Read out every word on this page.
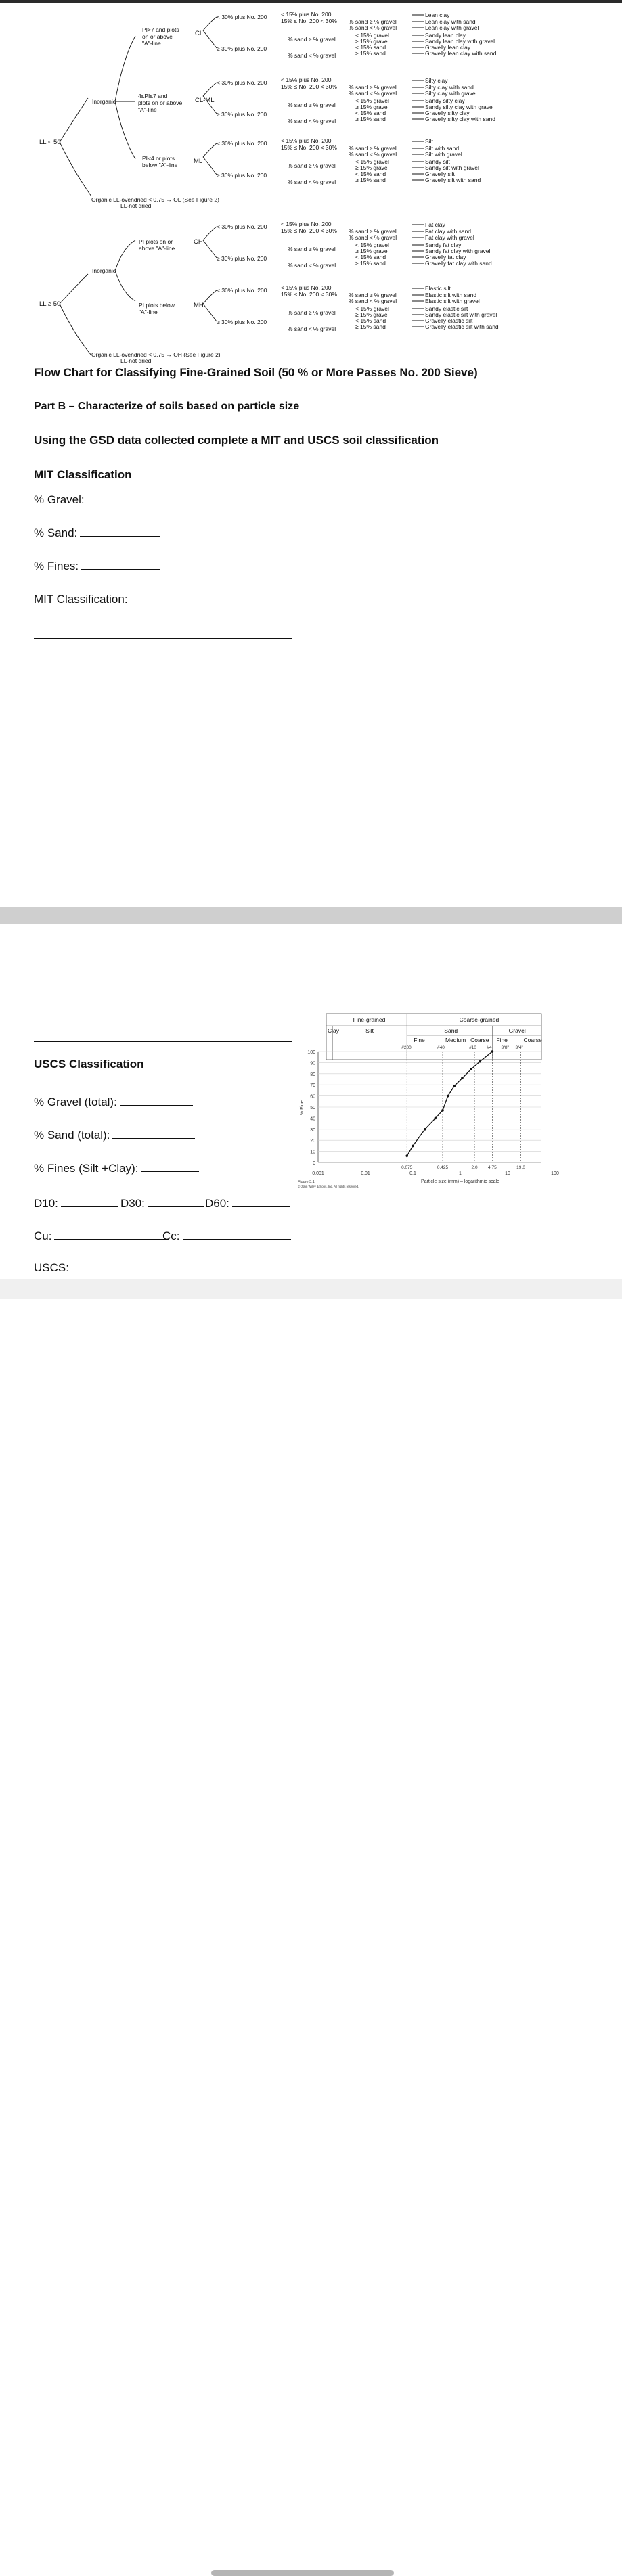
LL < 50
LL ≥ 50
Inorganic
Inorganic
PI>7 and plots
on or above
"A"-line
CL
4≤PI≤7 and
plots on or above
"A"-line
CL-ML
PI<4 or plots
below "A"-line ML
PI plots on or
above "A"-line
CH
PI plots below
"A"-line
MH
Organic LL-ovendried < 0.75 → OL (See Figure 2)
LL-not dried
Organic LL-ovendried < 0.75 → OH (See Figure 2)
LL-not dried
< 30% plus No. 200
≥ 30% plus No. 200
< 15% plus No. 200
15% ≤ No. 200 < 30%
% sand ≥ % gravel
% sand < % gravel
% sand ≥ % gravel
% sand < % gravel
< 15% gravel
≥ 15% gravel
< 15% sand
≥ 15% sand
Lean clay
Lean clay with sand
Lean clay with gravel
Sandy lean clay
Sandy lean clay with gravel
Gravelly lean clay
Gravelly lean clay with sand
< 30% plus No. 200
≥ 30% plus No. 200
< 15% plus No. 200
15% ≤ No. 200 < 30%
% sand ≥ % gravel
% sand < % gravel
% sand ≥ % gravel
% sand < % gravel
< 15% gravel
≥ 15% gravel
< 15% sand
≥ 15% sand
Silty clay
Silty clay with sand
Silty clay with gravel
Sandy silty clay
Sandy silty clay with gravel
Gravelly silty clay
Gravelly silty clay with sand
< 30% plus No. 200
≥ 30% plus No. 200
< 15% plus No. 200
15% ≤ No. 200 < 30%
% sand ≥ % gravel
% sand < % gravel
% sand ≥ % gravel
% sand < % gravel
< 15% gravel
≥ 15% gravel
< 15% sand
≥ 15% sand
Silt
Silt with sand
Silt with gravel
Sandy silt
Sandy silt with gravel
Gravelly silt
Gravelly silt with sand
< 30% plus No. 200
≥ 30% plus No. 200
< 15% plus No. 200
15% ≤ No. 200 < 30%
% sand ≥ % gravel
% sand < % gravel
% sand ≥ % gravel
% sand < % gravel
< 15% gravel
≥ 15% gravel
< 15% sand
≥ 15% sand
Fat clay
Fat clay with sand
Fat clay with gravel
Sandy fat clay
Sandy fat clay with gravel
Gravelly fat clay
Gravelly fat clay with sand
< 30% plus No. 200
≥ 30% plus No. 200
< 15% plus No. 200
15% ≤ No. 200 < 30%
% sand ≥ % gravel
% sand < % gravel
% sand ≥ % gravel
% sand < % gravel
< 15% gravel
≥ 15% gravel
< 15% sand
≥ 15% sand
Elastic silt
Elastic silt with sand
Elastic silt with gravel
Sandy elastic silt
Sandy elastic silt with gravel
Gravelly elastic silt
Gravelly elastic silt with sand
Flow Chart for Classifying Fine-Grained Soil (50 % or More Passes No. 200 Sieve)
Part B – Characterize of soils based on particle size
Using the GSD data collected complete a MIT and USCS soil classification
MIT Classification
% Gravel:
% Sand:
% Fines:
MIT Classification:
USCS Classification
% Gravel (total):
% Sand (total):
% Fines (Silt +Clay):
D10:	D30:	D60:
Cu:	Cc:
USCS:
Fine-grained	Coarse-grained
Clay	Silt	Sand	Gravel
Fine	Medium Coarse Fine	Coarse
#200	#40	#10 #4 3/8" 3/4"
0
10
20
30
40
50
60
70
80
90
100
0.075	0.425	2.0 4.75	19.0
0.001	0.01	0.1	1	10	100
Particle size (mm) – logarithmic scale
% Finer
Figure 3.1
© John Wiley & Sons, Inc. All rights reserved.
